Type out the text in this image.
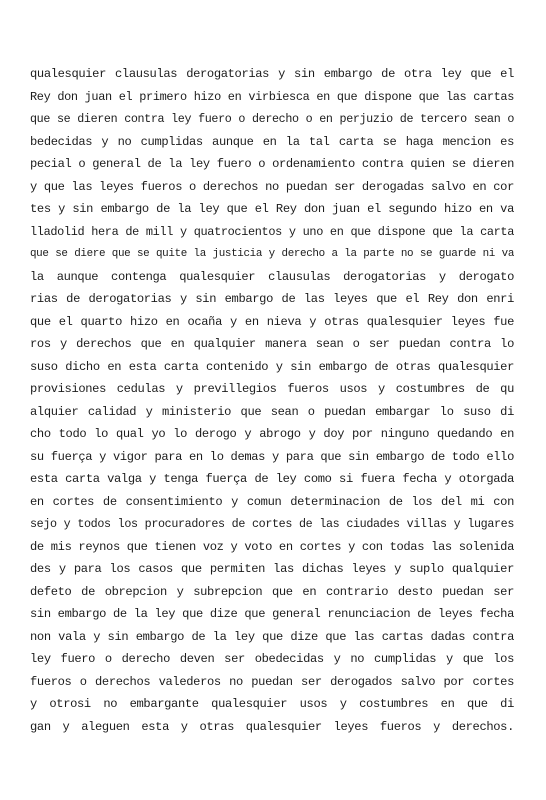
qualesquier clausulas derogatorias y sin embargo de otra ley que el
Rey don juan el primero hizo en virbiesca en que dispone que las cartas
que se dieren contra ley fuero o derecho o en perjuzio de tercero sean o
bedecidas y no cumplidas aunque en la tal carta se haga mencion es
pecial o general de la ley fuero o ordenamiento contra quien se dieren
y que las leyes fueros o derechos no puedan ser derogadas salvo en cor
tes y sin embargo de la ley que el Rey don juan el segundo hizo en va
lladolid hera de mill y quatrocientos y uno en que dispone que la carta
que se diere que se quite la justicia y derecho a la parte no se guarde ni va
la aunque contenga qualesquier clausulas derogatorias y derogato
rias de derogatorias y sin embargo de las leyes que el Rey don enri
que el quarto hizo en ocaña y en nieva y otras qualesquier leyes fue
ros y derechos que en qualquier manera sean o ser puedan contra lo
suso dicho en esta carta contenido y sin embargo de otras qualesquier
provisiones cedulas y previllegios fueros usos y costumbres de qu
alquier calidad y ministerio que sean o puedan embargar lo suso di
cho todo lo qual yo lo derogo y abrogo y doy por ninguno quedando en
su fuerça y vigor para en lo demas y para que sin embargo de todo ello
esta carta valga y tenga fuerça de ley como si fuera fecha y otorgada
en cortes de consentimiento y comun determinacion de los del mi con
sejo y todos los procuradores de cortes de las ciudades villas y lugares
de mis reynos que tienen voz y voto en cortes y con todas las solenida
des y para los casos que permiten las dichas leyes y suplo qualquier
defeto de obrepcion y subrepcion que en contrario desto puedan ser
sin embargo de la ley que dize que general renunciacion de leyes fecha
non vala y sin embargo de la ley que dize que las cartas dadas contra
ley fuero o derecho deven ser obedecidas y no cumplidas y que los
fueros o derechos valederos no puedan ser derogados salvo por cortes
y otrosi no embargante qualesquier usos y costumbres en que di
gan y aleguen esta y otras qualesquier leyes fueros y derechos.
